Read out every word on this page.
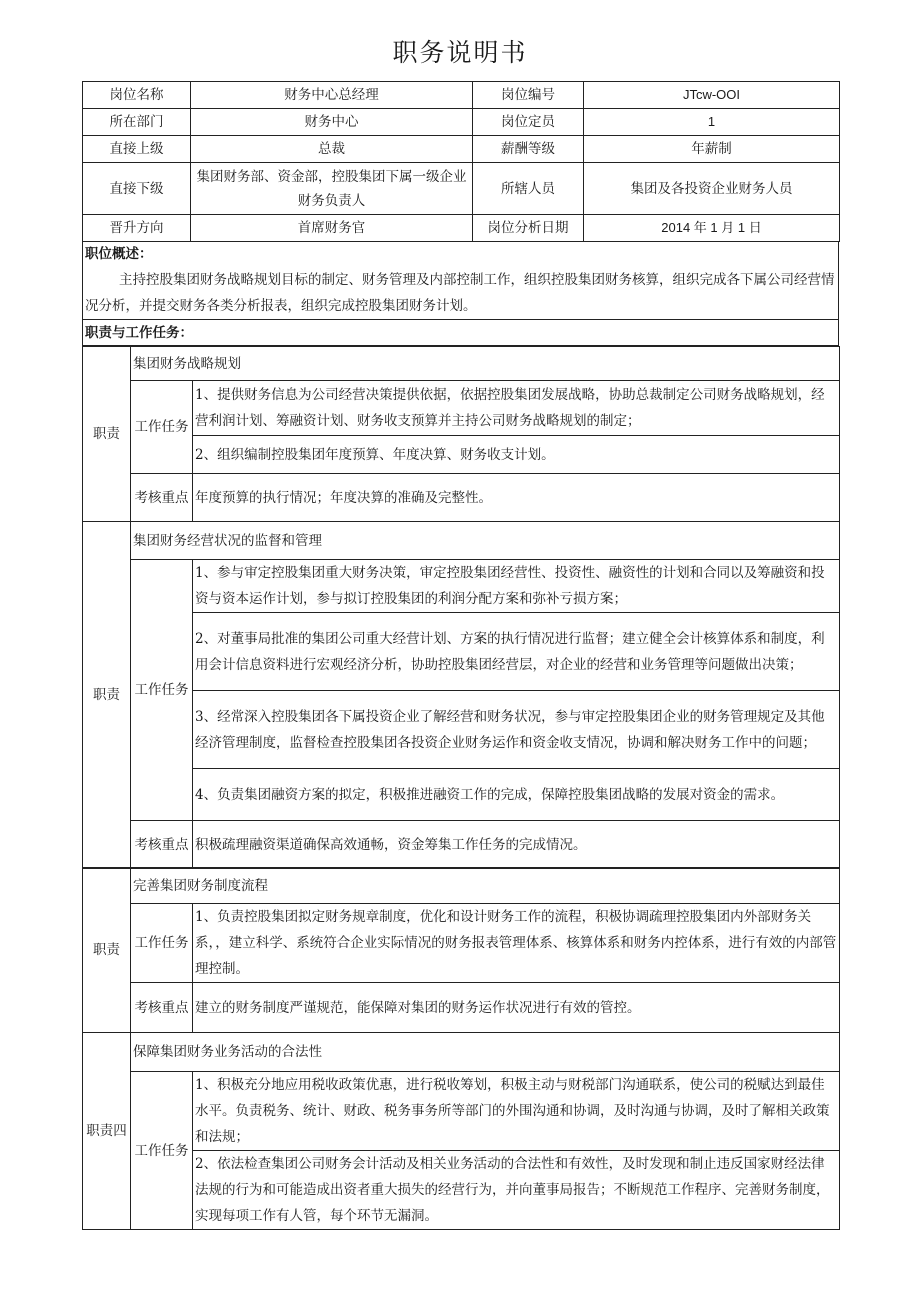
职务说明书
岗位名称	财务中心总经理	岗位编号	JTcw-OOI
所在部门	财务中心	岗位定员	1
直接上级	总裁	薪酬等级	年薪制
直接下级	集团财务部、资金部，控股集团下属一级企业财务负责人	所辖人员	集团及各投资企业财务人员
晋升方向	首席财务官	岗位分析日期	2014 年 1 月 1 日
职位概述：
主持控股集团财务战略规划目标的制定、财务管理及内部控制工作，组织控股集团财务核算，组织完成各下属公司经营情况分析，并提交财务各类分析报表，组织完成控股集团财务计划。
职责与工作任务：
职责	集团财务战略规划	
	工作任务	1、提供财务信息为公司经营决策提供依据，依据控股集团发展战略，协助总裁制定公司财务战略规划，经营利润计划、筹融资计划、财务收支预算并主持公司财务战略规划的制定；
		2、组织编制控股集团年度预算、年度决算、财务收支计划。
	考核重点	年度预算的执行情况；年度决算的准确及完整性。
职责	集团财务经营状况的监督和管理	
	工作任务	1、参与审定控股集团重大财务决策，审定控股集团经营性、投资性、融资性的计划和合同以及筹融资和投资与资本运作计划，参与拟订控股集团的利润分配方案和弥补亏损方案；
		2、对董事局批准的集团公司重大经营计划、方案的执行情况进行监督；建立健全会计核算体系和制度，利用会计信息资料进行宏观经济分析，协助控股集团经营层，对企业的经营和业务管理等问题做出决策；
		3、经常深入控股集团各下属投资企业了解经营和财务状况，参与审定控股集团企业的财务管理规定及其他经济管理制度，监督检查控股集团各投资企业财务运作和资金收支情况，协调和解决财务工作中的问题；
		4、负责集团融资方案的拟定，积极推进融资工作的完成，保障控股集团战略的发展对资金的需求。
	考核重点	积极疏理融资渠道确保高效通畅，资金筹集工作任务的完成情况。
职责	完善集团财务制度流程	
	工作任务	1、负责控股集团拟定财务规章制度，优化和设计财务工作的流程，积极协调疏理控股集团内外部财务关系，，建立科学、系统符合企业实际情况的财务报表管理体系、核算体系和财务内控体系，进行有效的内部管理控制。
	考核重点	建立的财务制度严谨规范，能保障对集团的财务运作状况进行有效的管控。
职责四	保障集团财务业务活动的合法性	
	工作任务	1、积极充分地应用税收政策优惠，进行税收筹划，积极主动与财税部门沟通联系，使公司的税赋达到最佳水平。负责税务、统计、财政、税务事务所等部门的外围沟通和协调，及时沟通与协调，及时了解相关政策和法规；
		2、依法检查集团公司财务会计活动及相关业务活动的合法性和有效性，及时发现和制止违反国家财经法律法规的行为和可能造成出资者重大损失的经营行为，并向董事局报告；不断规范工作程序、完善财务制度，实现每项工作有人管，每个环节无漏洞。
